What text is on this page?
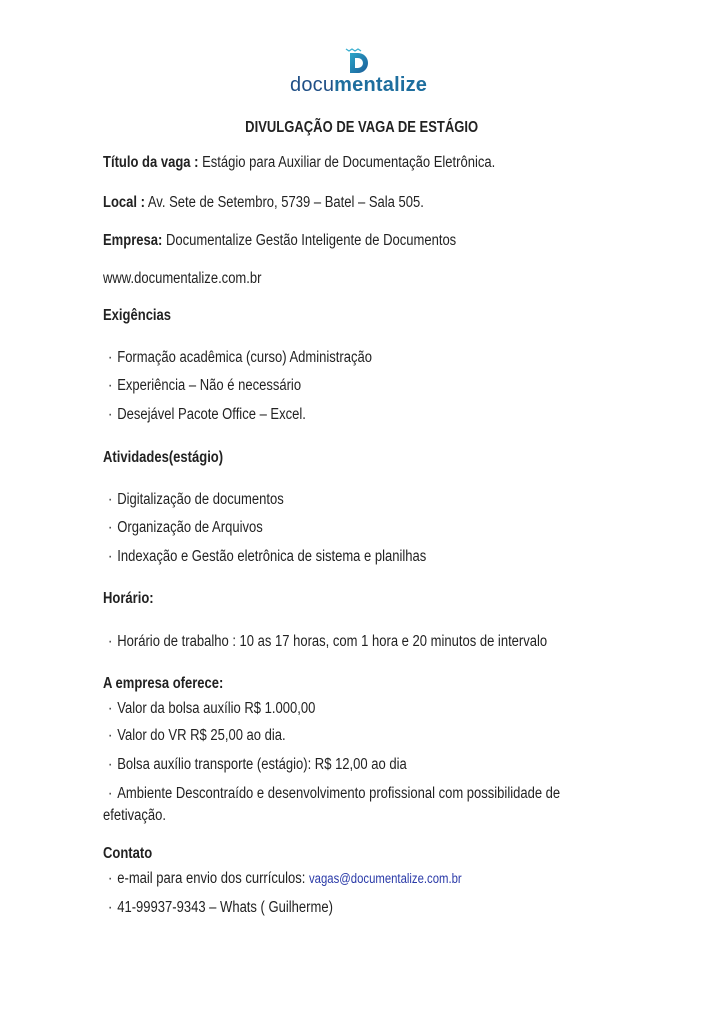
documentalize
DIVULGAÇÃO DE VAGA DE ESTÁGIO
Título da vaga : Estágio para Auxiliar de Documentação Eletrônica.
Local : Av. Sete de Setembro, 5739 – Batel – Sala 505.
Empresa: Documentalize Gestão Inteligente de Documentos
www.documentalize.com.br
Exigências
· Formação acadêmica (curso) Administração
· Experiência – Não é necessário
· Desejável Pacote Office – Excel.
Atividades(estágio)
· Digitalização de documentos
· Organização de Arquivos
· Indexação e Gestão eletrônica de sistema e planilhas
Horário:
· Horário de trabalho : 10 as 17 horas, com 1 hora e 20 minutos de intervalo
A empresa oferece:
· Valor da bolsa auxílio R$ 1.000,00
· Valor do VR R$ 25,00 ao dia.
· Bolsa auxílio transporte (estágio): R$ 12,00 ao dia
· Ambiente Descontraído e desenvolvimento profissional com possibilidade de
efetivação.
Contato
· e-mail para envio dos currículos: vagas@documentalize.com.br
· 41-99937-9343 – Whats ( Guilherme)
